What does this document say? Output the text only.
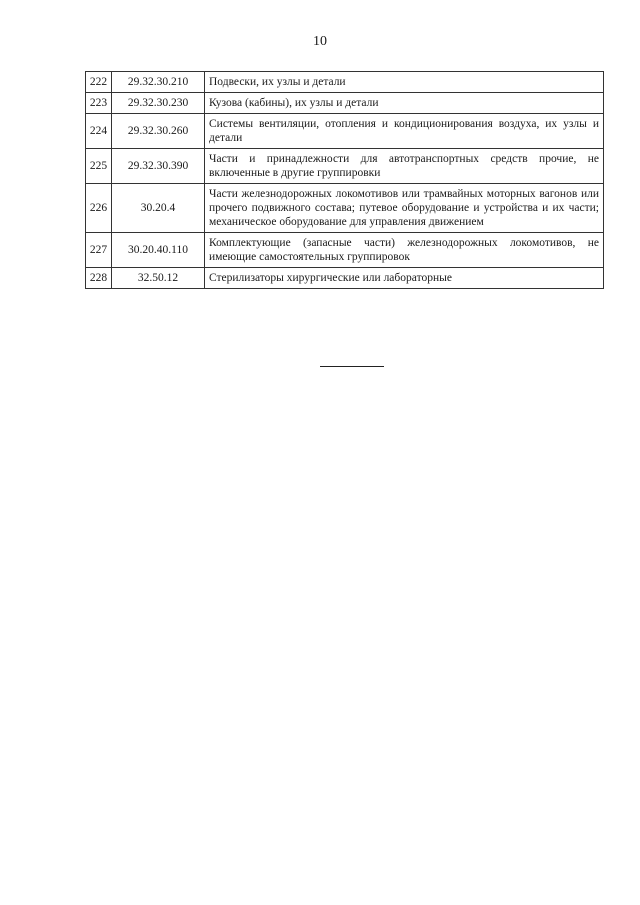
10
222	29.32.30.210	Подвески, их узлы и детали
223	29.32.30.230	Кузова (кабины), их узлы и детали
224	29.32.30.260	Системы вентиляции, отопления и кондиционирования воздуха, их узлы и детали
225	29.32.30.390	Части и принадлежности для автотранспортных средств прочие, не включенные в другие группировки
226	30.20.4	Части железнодорожных локомотивов или трамвайных моторных вагонов или прочего подвижного состава; путевое оборудование и устройства и их части; механическое оборудование для управления движением
227	30.20.40.110	Комплектующие (запасные части) железнодорожных локомотивов, не имеющие самостоятельных группировок
228	32.50.12	Стерилизаторы хирургические или лабораторные
